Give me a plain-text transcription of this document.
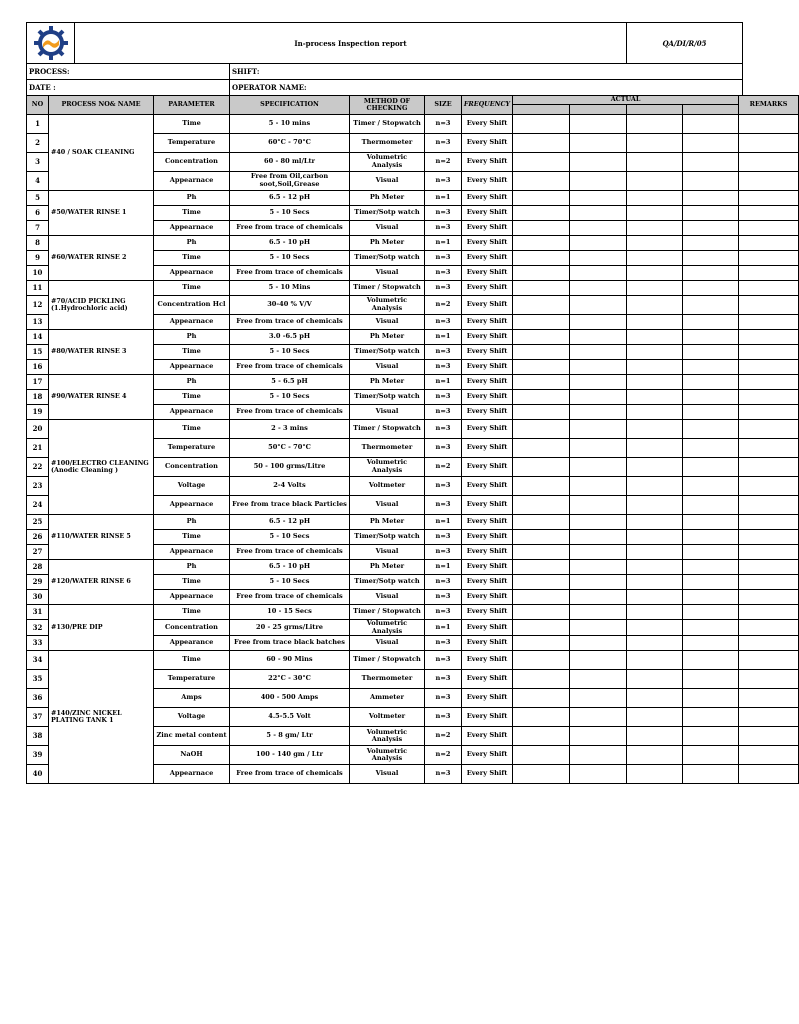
	In-process Inspection report	QA/DI/R/05
PROCESS:	SHIFT:
DATE :	OPERATOR NAME:
NO	PROCESS NO& NAME	PARAMETER	SPECIFICATION	METHOD OF CHECKING	SIZE	FREQUENCY	ACTUAL				REMARKS

1	#40 / SOAK CLEANING	Time	5 - 10 mins	Timer / Stopwatch	n=3	Every Shift					
2		Temperature	60°C - 70°C	Thermometer	n=3	Every Shift					
3		Concentration	60 - 80 ml/Ltr	Volumetric Analysis	n=2	Every Shift					
4		Appearnace	Free from Oil,carbon soot,Soil,Grease	Visual	n=3	Every Shift					
5	#50/WATER RINSE 1	Ph	6.5 - 12 pH	Ph Meter	n=1	Every Shift					
6		Time	5 - 10 Secs	Timer/Sotp watch	n=3	Every Shift					
7		Appearnace	Free from trace of chemicals	Visual	n=3	Every Shift					
8	#60/WATER RINSE 2	Ph	6.5 - 10 pH	Ph Meter	n=1	Every Shift					
9		Time	5 - 10 Secs	Timer/Sotp watch	n=3	Every Shift					
10		Appearnace	Free from trace of chemicals	Visual	n=3	Every Shift					
11	#70/ACID PICKLING (1.Hydrochloric acid)	Time	5 - 10 Mins	Timer / Stopwatch	n=3	Every Shift					
12		Concentration Hcl	30-40 % V/V	Volumetric Analysis	n=2	Every Shift					
13		Appearnace	Free from trace of chemicals	Visual	n=3	Every Shift					
14	#80/WATER RINSE 3	Ph	3.0 -6.5 pH	Ph Meter	n=1	Every Shift					
15		Time	5 - 10 Secs	Timer/Sotp watch	n=3	Every Shift					
16		Appearnace	Free from trace of chemicals	Visual	n=3	Every Shift					
17	#90/WATER RINSE 4	Ph	5 - 6.5 pH	Ph Meter	n=1	Every Shift					
18		Time	5 - 10 Secs	Timer/Sotp watch	n=3	Every Shift					
19		Appearnace	Free from trace of chemicals	Visual	n=3	Every Shift					
20	#100/ELECTRO CLEANING (Anodic Cleaning )	Time	2 - 3 mins	Timer / Stopwatch	n=3	Every Shift					
21		Temperature	50°C - 70°C	Thermometer	n=3	Every Shift					
22		Concentration	50 - 100 grms/Litre	Volumetric Analysis	n=2	Every Shift					
23		Voltage	2-4 Volts	Voltmeter	n=3	Every Shift					
24		Appearnace	Free from trace black Particles	Visual	n=3	Every Shift					
25	#110/WATER RINSE 5	Ph	6.5 - 12 pH	Ph Meter	n=1	Every Shift					
26		Time	5 - 10 Secs	Timer/Sotp watch	n=3	Every Shift					
27		Appearnace	Free from trace of chemicals	Visual	n=3	Every Shift					
28	#120/WATER RINSE 6	Ph	6.5 - 10 pH	Ph Meter	n=1	Every Shift					
29		Time	5 - 10 Secs	Timer/Sotp watch	n=3	Every Shift					
30		Appearnace	Free from trace of chemicals	Visual	n=3	Every Shift					
31	#130/PRE DIP	Time	10 - 15 Secs	Timer / Stopwatch	n=3	Every Shift					
32		Concentration	20 - 25 grms/Litre	Volumetric Analysis	n=1	Every Shift					
33		Appearance	Free from trace black batches	Visual	n=3	Every Shift					
34	#140/ZINC NICKEL PLATING TANK 1	Time	60 - 90 Mins	Timer / Stopwatch	n=3	Every Shift					
35		Temperature	22°C - 30°C	Thermometer	n=3	Every Shift					
36		Amps	400 - 500 Amps	Ammeter	n=3	Every Shift					
37		Voltage	4.5-5.5 Volt	Voltmeter	n=3	Every Shift					
38		Zinc metal content	5 - 8 gm/ Ltr	Volumetric Analysis	n=2	Every Shift					
39		NaOH	100 - 140 gm / Ltr	Volumetric Analysis	n=2	Every Shift					
40		Appearnace	Free from trace of chemicals	Visual	n=3	Every Shift					
